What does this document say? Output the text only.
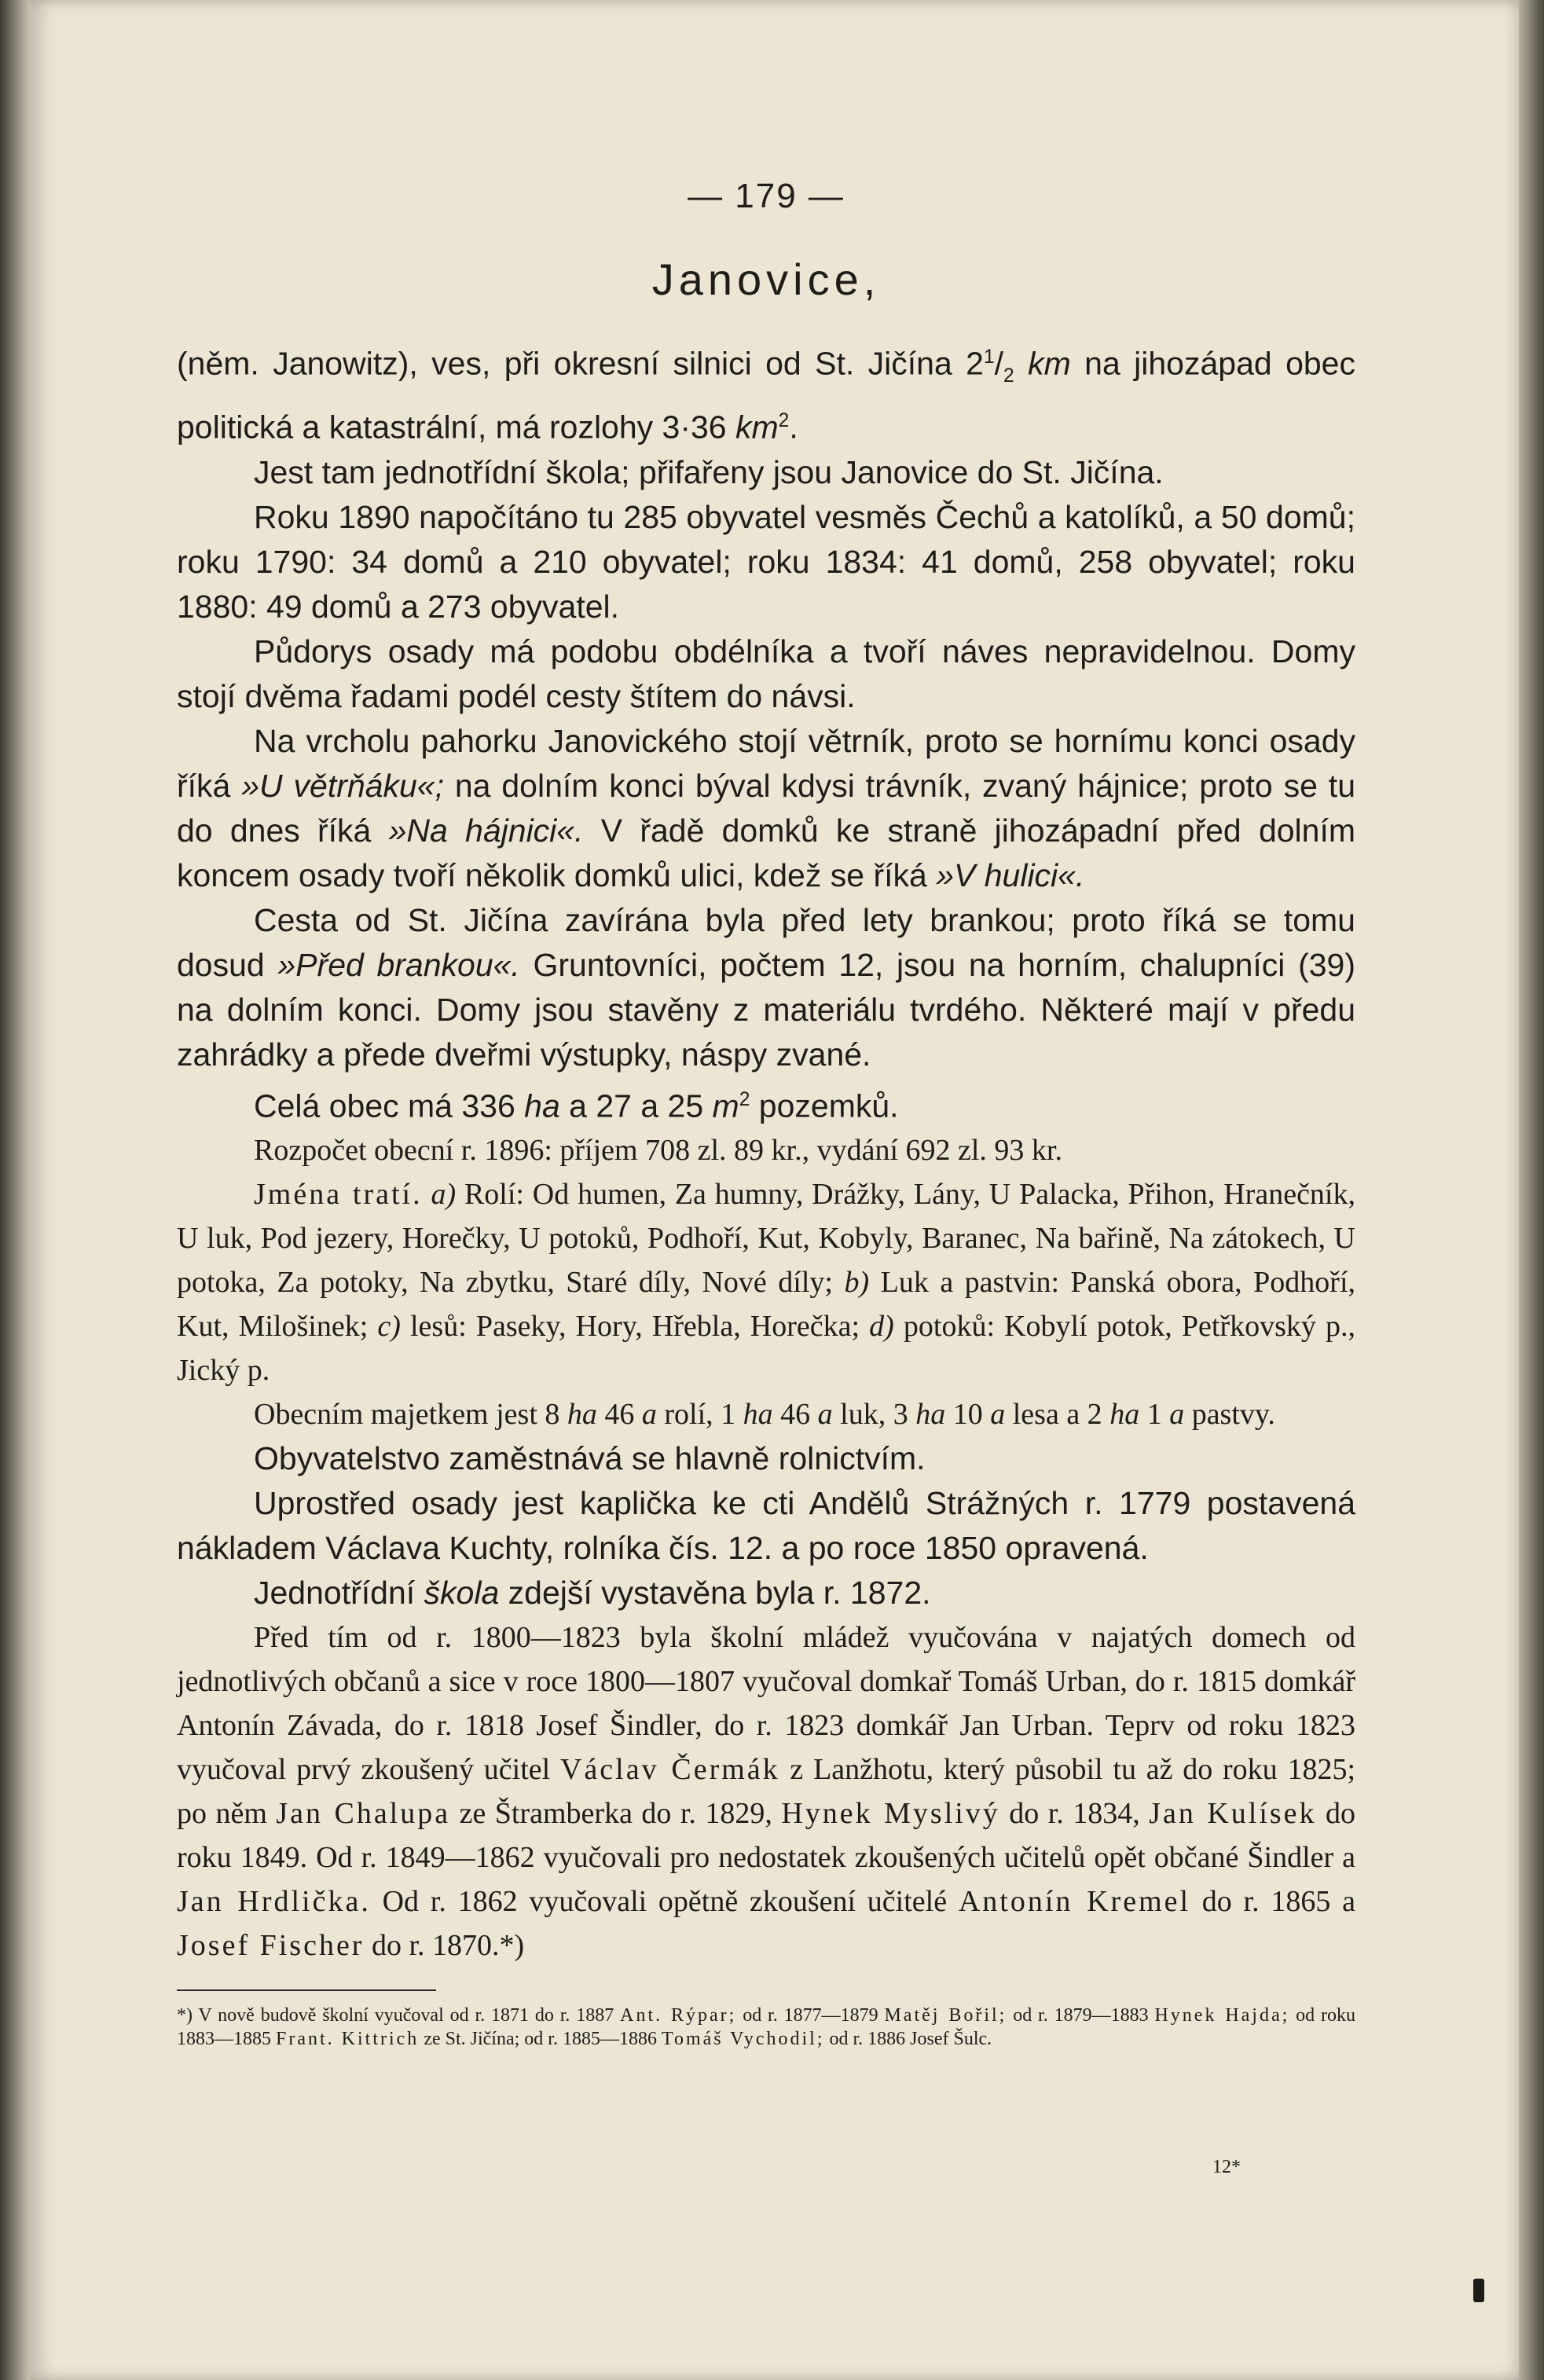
— 179 —
Janovice,

(něm. Janowitz), ves, při okresní silnici od St. Jičína $2^1/_2$ km na jihozápad obec politická a katastrální, má rozlohy 3·36 $km^2$.

Jest tam jednotřídní škola; přifařeny jsou Janovice do St. Jičína.

Roku 1890 napočítáno tu 285 obyvatel vesměs Čechů a katolíků, a 50 domů; roku 1790: 34 domů a 210 obyvatel; roku 1834: 41 domů, 258 obyvatel; roku 1880: 49 domů a 273 obyvatel.

Půdorys osady má podobu obdélníka a tvoří náves nepravidelnou. Domy stojí dvěma řadami podél cesty štítem do návsi.

Na vrcholu pahorku Janovického stojí větrník, proto se hornímu konci osady říká »U větrňáku«; na dolním konci býval kdysi trávník, zvaný hájnice; proto se tu do dnes říká »Na hájnici«. V řadě domků ke straně jihozápadní před dolním koncem osady tvoří několik domků ulici, kdež se říká »V hulici«.

Cesta od St. Jičína zavírána byla před lety brankou; proto říká se tomu dosud »Před brankou«. Gruntovníci, počtem 12, jsou na horním, chalupníci (39) na dolním konci. Domy jsou stavěny z materiálu tvrdého. Některé mají v předu zahrádky a přede dveřmi výstupky, náspy zvané.

Celá obec má 336 ha a 27 a 25 $m^2$ pozemků.

Rozpočet obecní r. 1896: příjem 708 zl. 89 kr., vydání 692 zl. 93 kr.

Jména tratí. a) Rolí: Od humen, Za humny, Drážky, Lány, U Palacka, Přihon, Hranečník, U luk, Pod jezery, Horečky, U potoků, Podhoří, Kut, Kobyly, Baranec, Na bařině, Na zátokech, U potoka, Za potoky, Na zbytku, Staré díly, Nové díly; b) Luk a pastvin: Panská obora, Podhoří, Kut, Milošinek; c) lesů: Paseky, Hory, Hřebla, Horečka; d) potoků: Kobylí potok, Petřkovský p., Jický p.

Obecním majetkem jest 8 ha 46 a rolí, 1 ha 46 a luk, 3 ha 10 a lesa a 2 ha 1 a pastvy.

Obyvatelstvo zaměstnává se hlavně rolnictvím.

Uprostřed osady jest kaplička ke cti Andělů Strážných r. 1779 postavená nákladem Václava Kuchty, rolníka čís. 12. a po roce 1850 opravená.

Jednotřídní škola zdejší vystavěna byla r. 1872.

Před tím od r. 1800—1823 byla školní mládež vyučována v najatých domech od jednotlivých občanů a sice v roce 1800—1807 vyučoval domkař Tomáš Urban, do r. 1815 domkář Antonín Závada, do r. 1818 Josef Šindler, do r. 1823 domkář Jan Urban. Teprv od roku 1823 vyučoval prvý zkoušený učitel Václav Čermák z Lanžhotu, který působil tu až do roku 1825; po něm Jan Chalupa ze Štramberka do r. 1829, Hynek Myslivý do r. 1834, Jan Kulísek do roku 1849. Od r. 1849—1862 vyučovali pro nedostatek zkoušených učitelů opět občané Šindler a Jan Hrdlička. Od r. 1862 vyučovali opětně zkoušení učitelé Antonín Kremel do r. 1865 a Josef Fischer do r. 1870.*)

*) V nově budově školní vyučoval od r. 1871 do r. 1887 Ant. Rýpar; od r. 1877—1879 Matěj Bořil; od r. 1879—1883 Hynek Hajda; od roku 1883—1885 Frant. Kittrich ze St. Jičína; od r. 1885—1886 Tomáš Vychodil; od r. 1886 Josef Šulc.

12*
